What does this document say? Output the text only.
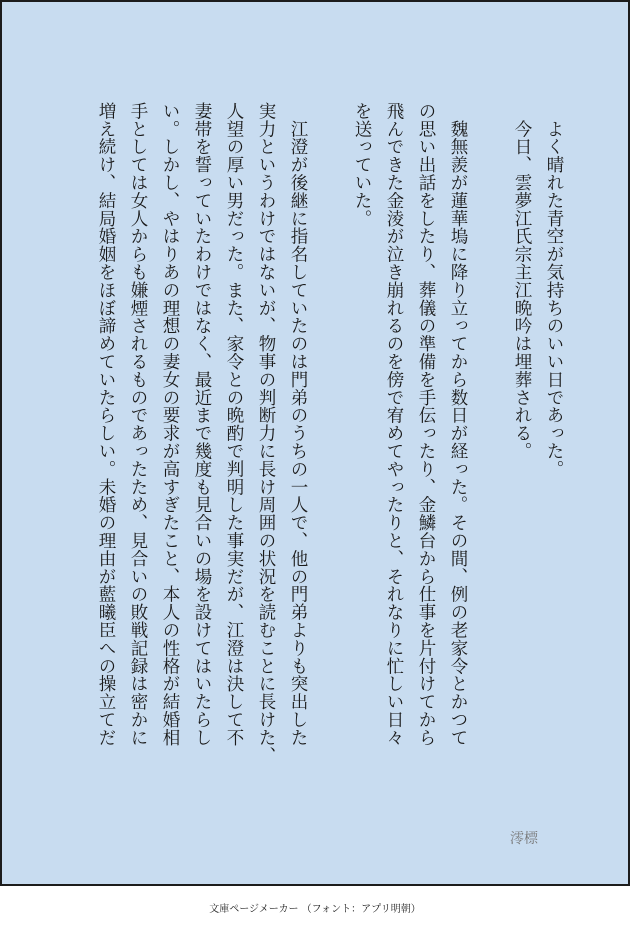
　よく晴れた青空が気持ちのいい日であった。
　今日、雲夢江氏宗主江晩吟は埋葬される。
　魏無羨が蓮華塢に降り立ってから数日が経った。その間、例の老家令とかつて
の思い出話をしたり、葬儀の準備を手伝ったり、金鱗台から仕事を片付けてから
飛んできた金淩が泣き崩れるのを傍で宥めてやったりと、それなりに忙しい日々
を送っていた。
　江澄が後継に指名していたのは門弟のうちの一人で、他の門弟よりも突出した
実力というわけではないが、物事の判断力に長け周囲の状況を読むことに長けた、
人望の厚い男だった。また、家令との晩酌で判明した事実だが、江澄は決して不
妻帯を誓っていたわけではなく、最近まで幾度も見合いの場を設けてはいたらし
い。しかし、やはりあの理想の妻女の要求が高すぎたこと、本人の性格が結婚相
手としては女人からも嫌煙されるものであったため、見合いの敗戦記録は密かに
増え続け、結局婚姻をほぼ諦めていたらしい。未婚の理由が藍曦臣への操立てだ
澪標
文庫ページメーカー （フォント：アプリ明朝）
